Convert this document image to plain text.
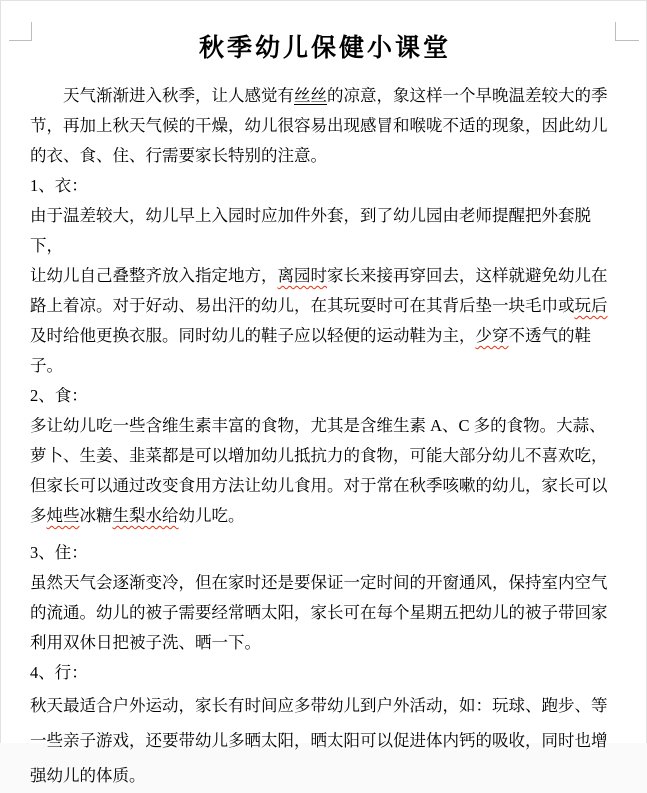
秋季幼儿保健小课堂

天气渐渐进入秋季，让人感觉有丝丝的凉意，象这样一个早晚温差较大的季
节，再加上秋天气候的干燥，幼儿很容易出现感冒和喉咙不适的现象，因此幼儿
的衣、食、住、行需要家长特别的注意。

1、衣：

由于温差较大，幼儿早上入园时应加件外套，到了幼儿园由老师提醒把外套脱下，
让幼儿自己叠整齐放入指定地方，离园时家长来接再穿回去，这样就避免幼儿在
路上着凉。对于好动、易出汗的幼儿，在其玩耍时可在其背后垫一块毛巾或玩后
及时给他更换衣服。同时幼儿的鞋子应以轻便的运动鞋为主，少穿不透气的鞋子。

2、食：

多让幼儿吃一些含维生素丰富的食物，尤其是含维生素 A、C 多的食物。大蒜、
萝卜、生姜、韭菜都是可以增加幼儿抵抗力的食物，可能大部分幼儿不喜欢吃，
但家长可以通过改变食用方法让幼儿食用。对于常在秋季咳嗽的幼儿，家长可以
多炖些冰糖生梨水给幼儿吃。

3、住：

虽然天气会逐渐变冷，但在家时还是要保证一定时间的开窗通风，保持室内空气
的流通。幼儿的被子需要经常晒太阳，家长可在每个星期五把幼儿的被子带回家
利用双休日把被子洗、晒一下。

4、行：

秋天最适合户外运动，家长有时间应多带幼儿到户外活动，如：玩球、跑步、等
一些亲子游戏，还要带幼儿多晒太阳，晒太阳可以促进体内钙的吸收，同时也增
强幼儿的体质。
